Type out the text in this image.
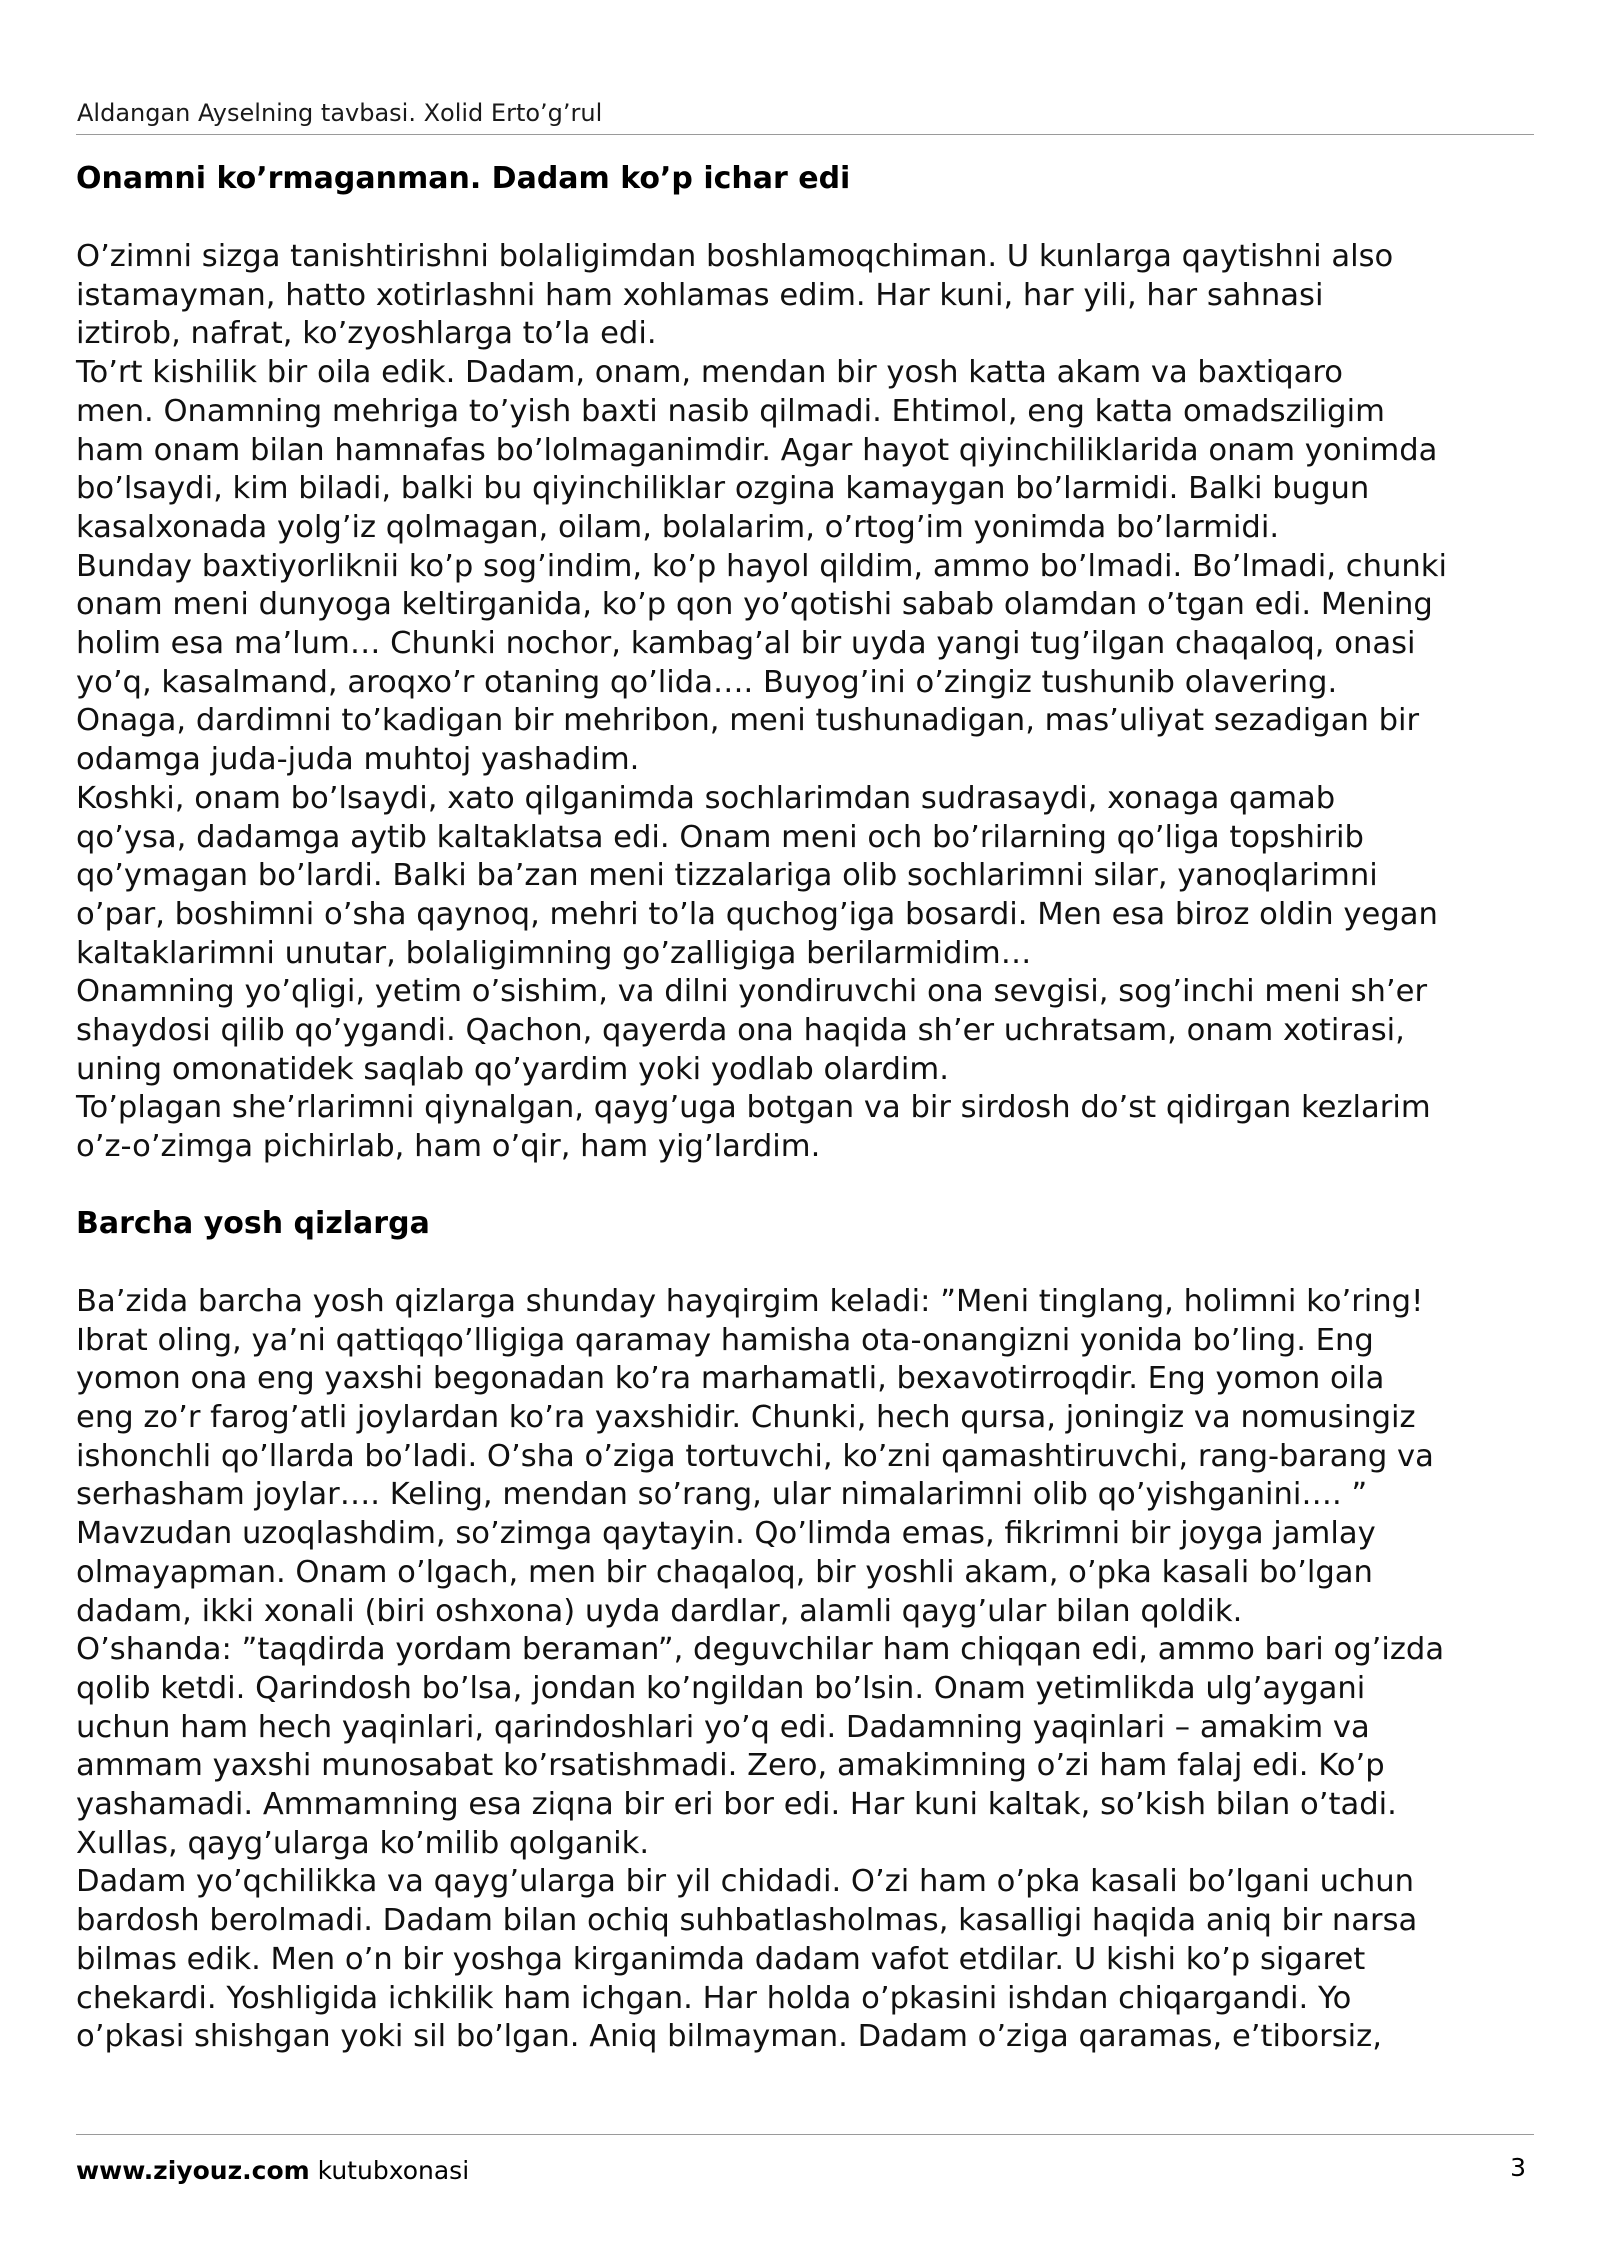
Aldangan Ayselning tavbasi. Xolid Erto’g’rul
Onamni ko’rmaganman. Dadam ko’p ichar edi

O’zimni sizga tanishtirishni bolaligimdan boshlamoqchiman. U kunlarga qaytishni also

istamayman, hatto xotirlashni ham xohlamas edim. Har kuni, har yili, har sahnasi

iztirob, nafrat, ko’zyoshlarga to’la edi.

To’rt kishilik bir oila edik. Dadam, onam, mendan bir yosh katta akam va baxtiqaro

men. Onamning mehriga to’yish baxti nasib qilmadi. Ehtimol, eng katta omadsziligim

ham onam bilan hamnafas bo’lolmaganimdir. Agar hayot qiyinchiliklarida onam yonimda

bo’lsaydi, kim biladi, balki bu qiyinchiliklar ozgina kamaygan bo’larmidi. Balki bugun

kasalxonada yolg’iz qolmagan, oilam, bolalarim, o’rtog’im yonimda bo’larmidi.

Bunday baxtiyorliknii ko’p sog’indim, ko’p hayol qildim, ammo bo’lmadi. Bo’lmadi, chunki

onam meni dunyoga keltirganida, ko’p qon yo’qotishi sabab olamdan o’tgan edi. Mening

holim esa ma’lum… Chunki nochor, kambag’al bir uyda yangi tug’ilgan chaqaloq, onasi

yo’q, kasalmand, aroqxo’r otaning qo’lida…. Buyog’ini o’zingiz tushunib olavering.

Onaga, dardimni to’kadigan bir mehribon, meni tushunadigan, mas’uliyat sezadigan bir

odamga juda-juda muhtoj yashadim.

Koshki, onam bo’lsaydi, xato qilganimda sochlarimdan sudrasaydi, xonaga qamab

qo’ysa, dadamga aytib kaltaklatsa edi. Onam meni och bo’rilarning qo’liga topshirib

qo’ymagan bo’lardi. Balki ba’zan meni tizzalariga olib sochlarimni silar, yanoqlarimni

o’par, boshimni o’sha qaynoq, mehri to’la quchog’iga bosardi. Men esa biroz oldin yegan

kaltaklarimni unutar, bolaligimning go’zalligiga berilarmidim…

Onamning yo’qligi, yetim o’sishim, va dilni yondiruvchi ona sevgisi, sog’inchi meni sh’er

shaydosi qilib qo’ygandi. Qachon, qayerda ona haqida sh’er uchratsam, onam xotirasi,

uning omonatidek saqlab qo’yardim yoki yodlab olardim.

To’plagan she’rlarimni qiynalgan, qayg’uga botgan va bir sirdosh do’st qidirgan kezlarim

o’z-o’zimga pichirlab, ham o’qir, ham yig’lardim.

Barcha yosh qizlarga

Ba’zida barcha yosh qizlarga shunday hayqirgim keladi: ”Meni tinglang, holimni ko’ring!

Ibrat oling, ya’ni qattiqqo’lligiga qaramay hamisha ota-onangizni yonida bo’ling. Eng

yomon ona eng yaxshi begonadan ko’ra marhamatli, bexavotirroqdir. Eng yomon oila

eng zo’r farog’atli joylardan ko’ra yaxshidir. Chunki, hech qursa, joningiz va nomusingiz

ishonchli qo’llarda bo’ladi. O’sha o’ziga tortuvchi, ko’zni qamashtiruvchi, rang-barang va

serhasham joylar…. Keling, mendan so’rang, ular nimalarimni olib qo’yishganini…. ”

Mavzudan uzoqlashdim, so’zimga qaytayin. Qo’limda emas, fikrimni bir joyga jamlay

olmayapman. Onam o’lgach, men bir chaqaloq, bir yoshli akam, o’pka kasali bo’lgan

dadam, ikki xonali (biri oshxona) uyda dardlar, alamli qayg’ular bilan qoldik.

O’shanda: ”taqdirda yordam beraman”, deguvchilar ham chiqqan edi, ammo bari og’izda

qolib ketdi. Qarindosh bo’lsa, jondan ko’ngildan bo’lsin. Onam yetimlikda ulg’aygani

uchun ham hech yaqinlari, qarindoshlari yo’q edi. Dadamning yaqinlari – amakim va

ammam yaxshi munosabat ko’rsatishmadi. Zero, amakimning o’zi ham falaj edi. Ko’p

yashamadi. Ammamning esa ziqna bir eri bor edi. Har kuni kaltak, so’kish bilan o’tadi.

Xullas, qayg’ularga ko’milib qolganik.

Dadam yo’qchilikka va qayg’ularga bir yil chidadi. O’zi ham o’pka kasali bo’lgani uchun

bardosh berolmadi. Dadam bilan ochiq suhbatlasholmas, kasalligi haqida aniq bir narsa

bilmas edik. Men o’n bir yoshga kirganimda dadam vafot etdilar. U kishi ko’p sigaret

chekardi. Yoshligida ichkilik ham ichgan. Har holda o’pkasini ishdan chiqargandi. Yo

o’pkasi shishgan yoki sil bo’lgan. Aniq bilmayman. Dadam o’ziga qaramas, e’tiborsiz,

www.ziyouz.com kutubxonasi	3
